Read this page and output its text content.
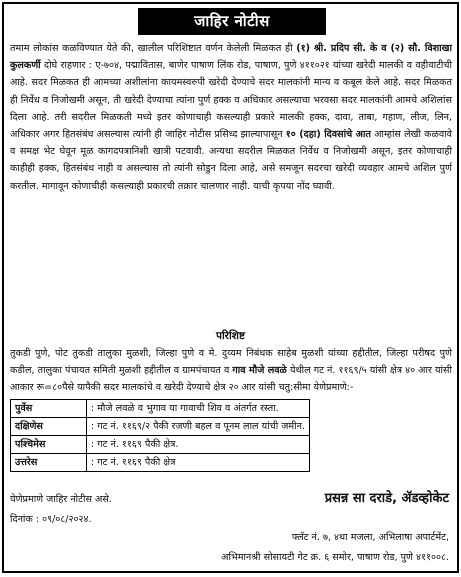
जाहिर नोटीस
तमाम लोकांस कळविण्यात येते की, खालील परिशिष्टात वर्णन केलेली मिळकत ही (१) श्री. प्रदिप सी. के व (२) सौ. विशाखा कुलकर्णी दोघे राहणार : ए-७०४, पद्मावितास, बाणेर पाषाण लिंक रोड, पाषाण, पुणे ४११०२१ यांच्या खरेदी मालकी व वहीवाटीची आहे. सदर मिळकत ही आमच्या अशीलांना कायमस्वरुपी खरेदी देण्याचे सदर मालकांनी मान्य व कबूल केले आहे. सदर मिळकत ही निर्वेध व निजोखमी असून, ती खरेदी देण्याचा त्यांना पुर्ण हक्क व अधिकार असल्याचा भरवसा सदर मालकांनी आमचे अशिलांस दिला आहे. तरी सदरील मिळकती मध्ये इतर कोणाचाही कसल्याही प्रकारे मालकी हक्क, दावा, ताबा, गहाण, लीज, लिन, अधिकार अगर हितसंबंध असल्यास त्यांनी ही जाहिर नोटीस प्रसिध्द झाल्यापासून १० (दहा) दिवसांचे आत आम्हांस लेखी कळवावे व समक्ष भेट घेवून मूळ कागदपत्रानिशी खात्री पटवावी. अन्यथा सदरील मिळकत निर्वेध व निजोखमी असून, इतर कोणाचाही काहीही हक्क, हितसंबंध नाही व असल्यास तो त्यांनी सोडुन दिला आहे, असे समजून सदरचा खरेदी व्यवहार आमचे अशिल पुर्ण करतील. मागावून कोणाचीही कसल्याही प्रकारची तक्रार चालणार नाही. याची कृपया नोंद घ्यावी.
परिशिष्ट
तुकडी पुणे, पोट तुकडी तालुका मुळशी, जिल्हा पुणे व मे. दुय्यम निबंधक साहेब मुळशी यांच्या हद्दीतील, जिल्हा परीषद पुणे कडील, तालुका पंचायत समिती मुळशी हद्दीतील व ग्रामपंचायत व गाव मौजे लवळे येथील गट नं. ११६९/५ यांसी क्षेत्र ४० आर यांसी आकार रू=८०पैसे यापैकी सदर मालकांचे व खरेदी देण्याचे क्षेत्र २० आर यांसी चतु:सीमा येणेप्रमाणे:-
पुर्वेस	: मौजे लवळे व भुगाव या गावाची शिव व अंतर्गत रस्ता.
दक्षिणेस	: गट नं. ११६९/२ पैकी रजणी बहल व पूनम लाल यांची जमीन.
पश्चिमेस	: गट नं. ११६९ पैकी क्षेत्र.
उत्तरेस	: गट नं. ११६९ पैकी क्षेत्र
येणेप्रमाणे जाहिर नोटीस असे.
दिनांक : ०९/०८/२०२४.
प्रसन्न सा दराडे, ॲडव्होकेट
फ्लॅट नं. ७, ४था मजला, अभिलाषा अपार्टमेंट,
अभिमानश्री सोसायटी गेट क्र. ६ समोर, पाषाण रोड, पुणे ४११००८.
